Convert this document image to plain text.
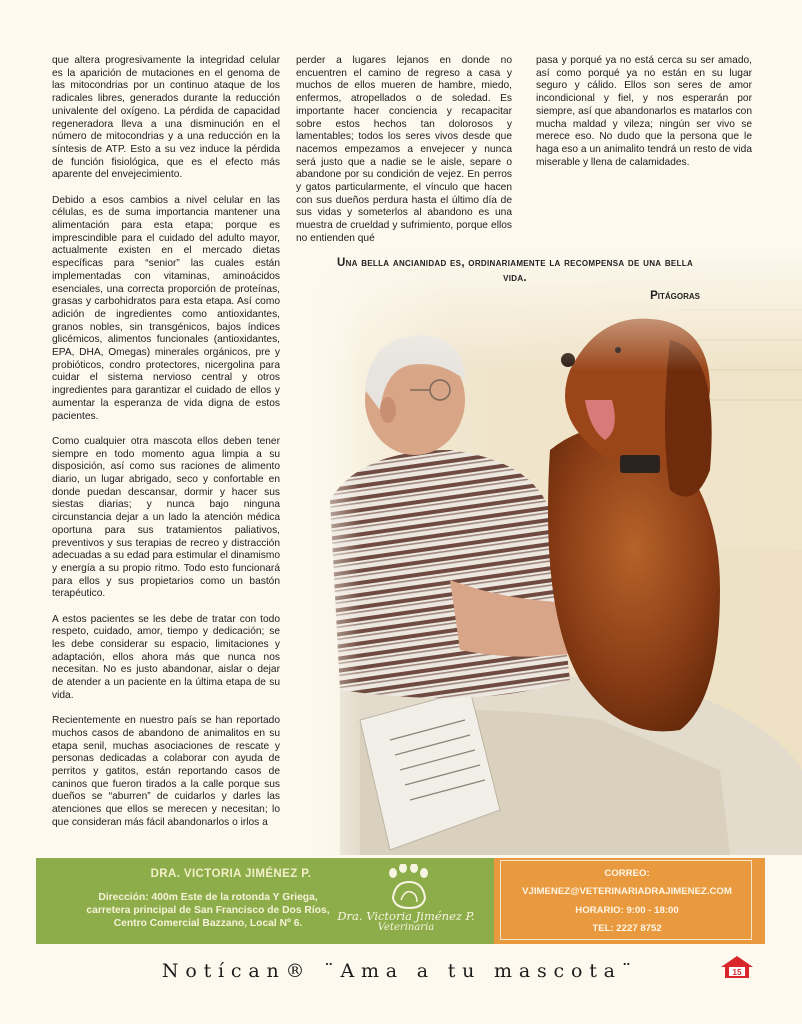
que altera progresivamente la integridad celular es la aparición de mutaciones en el genoma de las mitocondrias por un continuo ataque de los radicales libres, generados durante la reducción univalente del oxígeno. La pérdida de capacidad regeneradora lleva a una disminución en el número de mitocondrias y a una reducción en la síntesis de ATP. Esto a su vez induce la pérdida de función fisiológica, que es el efecto más aparente del envejecimiento.

Debido a esos cambios a nivel celular en las células, es de suma importancia mantener una alimentación para esta etapa; porque es imprescindible para el cuidado del adulto mayor, actualmente existen en el mercado dietas específicas para “senior” las cuales están implementadas con vitaminas, aminoácidos esenciales, una correcta proporción de proteínas, grasas y carbohidratos para esta etapa. Así como adición de ingredientes como antioxidantes, granos nobles, sin transgénicos, bajos índices glicémicos, alimentos funcionales (antioxidantes, EPA, DHA, Omegas) minerales orgánicos, pre y probióticos, condro protectores, nicergolina para cuidar el sistema nervioso central y otros ingredientes para garantizar el cuidado de ellos y aumentar la esperanza de vida digna de estos pacientes.

Como cualquier otra mascota ellos deben tener siempre en todo momento agua limpia a su disposición, así como sus raciones de alimento diario, un lugar abrigado, seco y confortable en donde puedan descansar, dormir y hacer sus siestas diarias; y nunca bajo ninguna circunstancia dejar a un lado la atención médica oportuna para sus tratamientos paliativos, preventivos y sus terapias de recreo y distracción adecuadas a su edad para estimular el dinamismo y energía a su propio ritmo. Todo esto funcionará para ellos y sus propietarios como un bastón terapéutico.

A estos pacientes se les debe de tratar con todo respeto, cuidado, amor, tiempo y dedicación; se les debe considerar su espacio, limitaciones y adaptación, ellos ahora más que nunca nos necesitan. No es justo abandonar, aislar o dejar de atender a un paciente en la última etapa de su vida.

Recientemente en nuestro país se han reportado muchos casos de abandono de animalitos en su etapa senil, muchas asociaciones de rescate y personas dedicadas a colaborar con ayuda de perritos y gatitos, están reportando casos de caninos que fueron tirados a la calle porque sus dueños se “aburren” de cuidarlos y darles las atenciones que ellos se merecen y necesitan; lo que consideran más fácil abandonarlos o irlos a

perder a lugares lejanos en donde no encuentren el camino de regreso a casa y muchos de ellos mueren de hambre, miedo, enfermos, atropellados o de soledad. Es importante hacer conciencia y recapacitar sobre estos hechos tan dolorosos y lamentables; todos los seres vivos desde que nacemos empezamos a envejecer y nunca será justo que a nadie se le aisle, separe o abandone por su condición de vejez. En perros y gatos particularmente, el vínculo que hacen con sus dueños perdura hasta el último día de sus vidas y someterlos al abandono es una muestra de crueldad y sufrimiento, porque ellos no entienden qué

pasa y porqué ya no está cerca su ser amado, así como porqué ya no están en su lugar seguro y cálido. Ellos son seres de amor incondicional y fiel, y nos esperarán por siempre, así que abandonarlos es matarlos con mucha maldad y vileza; ningún ser vivo se merece eso. No dudo que la persona que le haga eso a un animalito tendrá un resto de vida miserable y llena de calamidades.

Una bella ancianidad es, ordinariamente la recompensa de una bella vida.
Pitágoras
DRA. VICTORIA JIMÉNEZ P.
Dirección: 400m Este de la rotonda Y Griega,
carretera principal de San Francisco de Dos Ríos,
Centro Comercial Bazzano, Local Nº 6.
Dra. Victoria Jiménez P.
Veterinaria
CORREO:
VJIMENEZ@VETERINARIADRAJIMENEZ.COM
HORARIO: 9:00 - 18:00
TEL: 2227 8752
Notícan® ¨Ama a tu mascota¨	15
